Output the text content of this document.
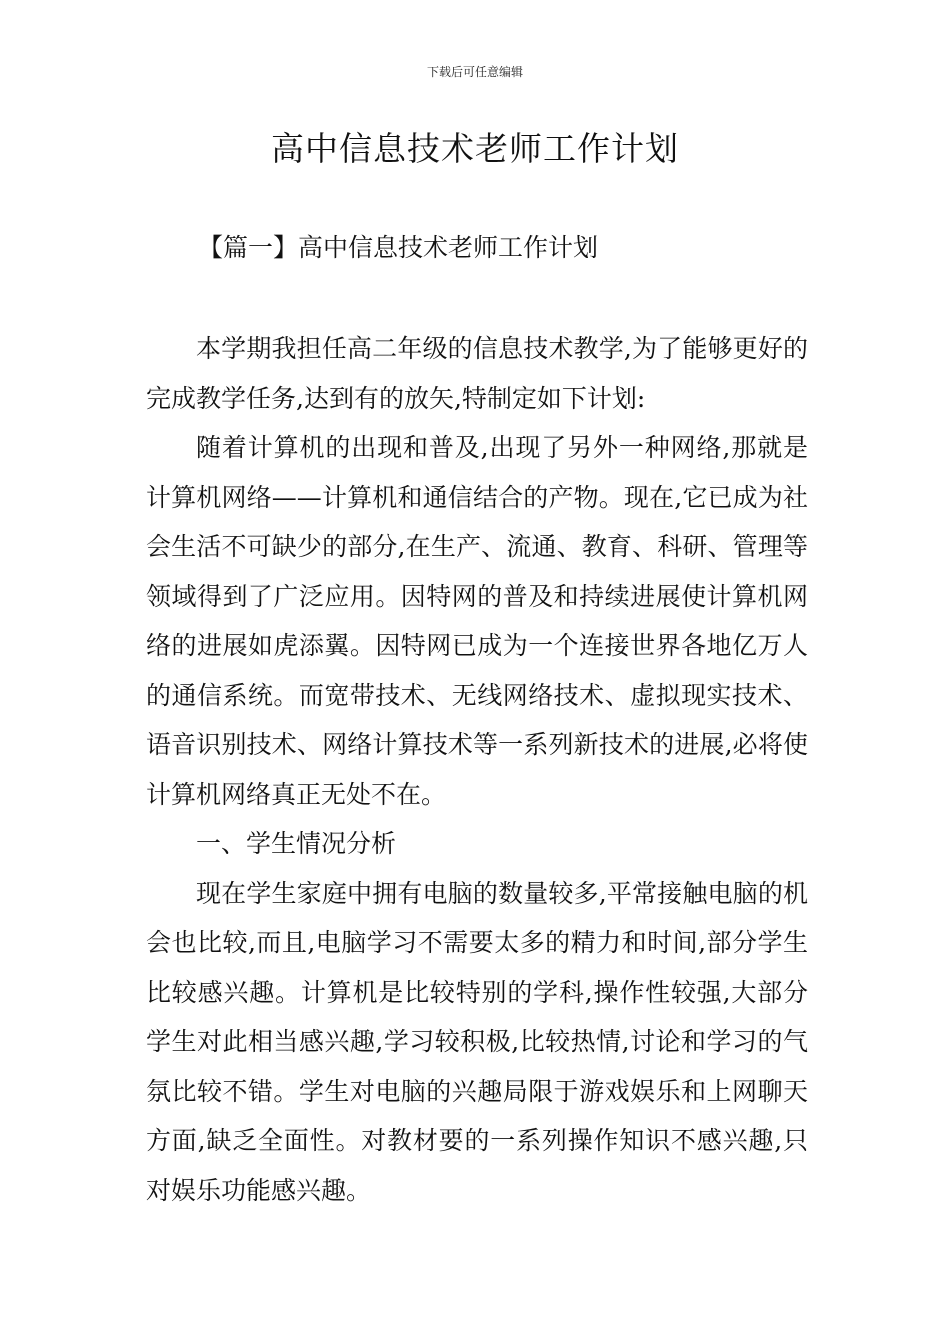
下载后可任意编辑
高中信息技术老师工作计划
【篇一】高中信息技术老师工作计划

本学期我担任高二年级的信息技术教学,为了能够更好的完成教学任务,达到有的放矢,特制定如下计划:

随着计算机的出现和普及,出现了另外一种网络,那就是计算机网络——计算机和通信结合的产物。现在,它已成为社会生活不可缺少的部分,在生产、流通、教育、科研、管理等领域得到了广泛应用。因特网的普及和持续进展使计算机网络的进展如虎添翼。因特网已成为一个连接世界各地亿万人的通信系统。而宽带技术、无线网络技术、虚拟现实技术、语音识别技术、网络计算技术等一系列新技术的进展,必将使计算机网络真正无处不在。

一、学生情况分析

现在学生家庭中拥有电脑的数量较多,平常接触电脑的机会也比较,而且,电脑学习不需要太多的精力和时间,部分学生比较感兴趣。计算机是比较特别的学科,操作性较强,大部分学生对此相当感兴趣,学习较积极,比较热情,讨论和学习的气氛比较不错。学生对电脑的兴趣局限于游戏娱乐和上网聊天方面,缺乏全面性。对教材要的一系列操作知识不感兴趣,只对娱乐功能感兴趣。
